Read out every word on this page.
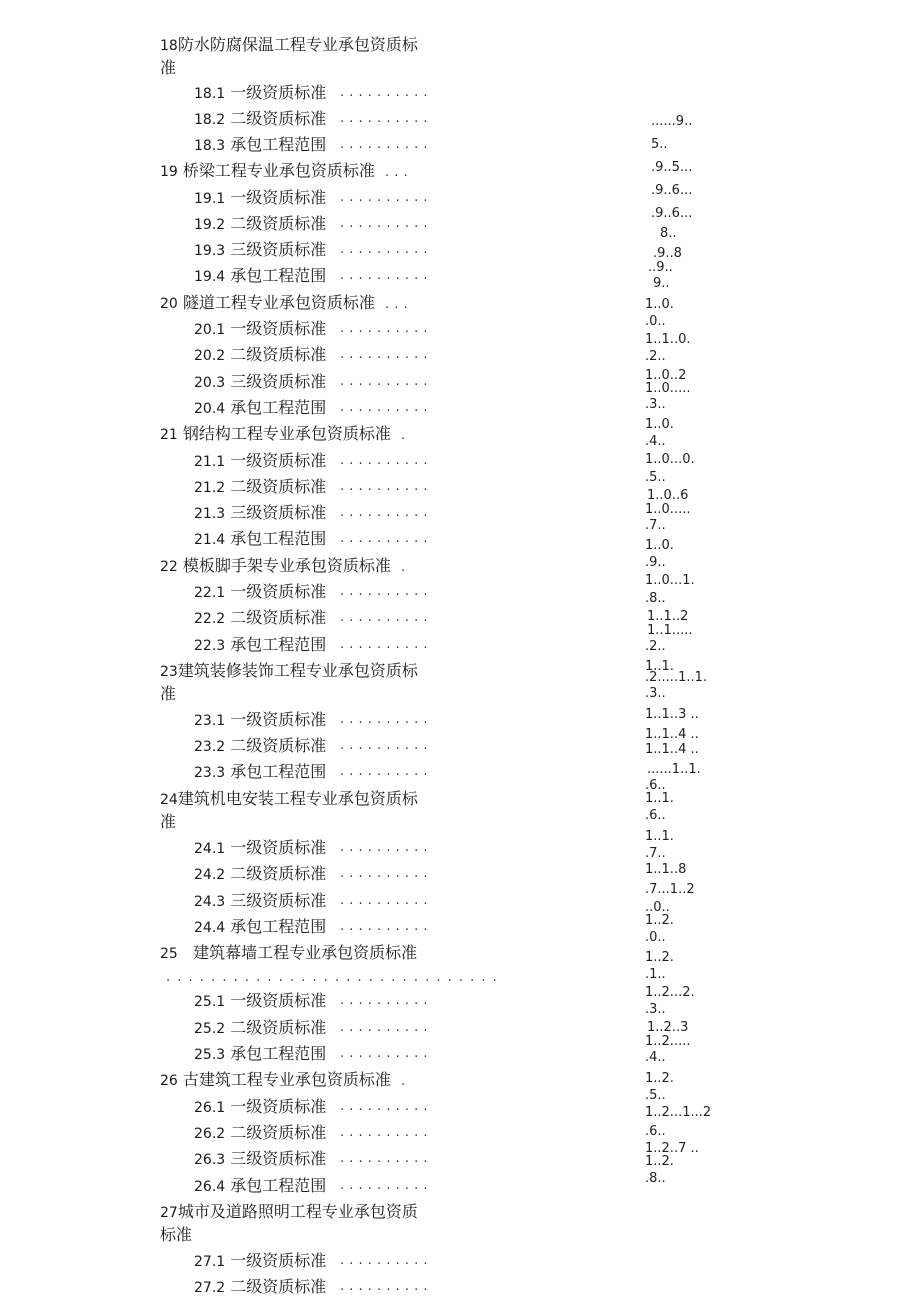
18防水防腐保温工程专业承包资质标准
18.1 一级资质标准 . . . . . . . . . .
18.2 二级资质标准 . . . . . . . . . .
18.3 承包工程范围 . . . . . . . . . .
19 桥梁工程专业承包资质标准 . . .
19.1 一级资质标准 . . . . . . . . . .
19.2 二级资质标准 . . . . . . . . . .
19.3 三级资质标准 . . . . . . . . . .
19.4 承包工程范围 . . . . . . . . . .
20 隧道工程专业承包资质标准 . . .
20.1 一级资质标准 . . . . . . . . . .
20.2 二级资质标准 . . . . . . . . . .
20.3 三级资质标准 . . . . . . . . . .
20.4 承包工程范围 . . . . . . . . . .
21 钢结构工程专业承包资质标准 .
21.1 一级资质标准 . . . . . . . . . .
21.2 二级资质标准 . . . . . . . . . .
21.3 三级资质标准 . . . . . . . . . .
21.4 承包工程范围 . . . . . . . . . .
22 模板脚手架专业承包资质标准 .
22.1 一级资质标准 . . . . . . . . . .
22.2 二级资质标准 . . . . . . . . . .
22.3 承包工程范围 . . . . . . . . . .
23建筑装修装饰工程专业承包资质标准
23.1 一级资质标准 . . . . . . . . . .
23.2 二级资质标准 . . . . . . . . . .
23.3 承包工程范围 . . . . . . . . . .
24建筑机电安装工程专业承包资质标准
24.1 一级资质标准 . . . . . . . . . .
24.2 二级资质标准 . . . . . . . . . .
24.3 三级资质标准 . . . . . . . . . .
24.4 承包工程范围 . . . . . . . . . .
25 建筑幕墙工程专业承包资质标准
. . . . . . . . . . . . . . . . . . . . . . . . . . . . . .
25.1 一级资质标准 . . . . . . . . . .
25.2 二级资质标准 . . . . . . . . . .
25.3 承包工程范围 . . . . . . . . . .
26 古建筑工程专业承包资质标准 .
26.1 一级资质标准 . . . . . . . . . .
26.2 二级资质标准 . . . . . . . . . .
26.3 三级资质标准 . . . . . . . . . .
26.4 承包工程范围 . . . . . . . . . .
27城市及道路照明工程专业承包资质标准
27.1 一级资质标准 . . . . . . . . . .
27.2 二级资质标准 . . . . . . . . . .
......9..
5..
.9..5...
.9..6...
.9..6...
8..
.9..8
..9..
9..
1..0.
.0..
1..1..0.
.2..
1..0..2
1..0.....
.3..
1..0.
.4..
1..0...0.
.5..
1..0..6
1..0.....
.7..
1..0.
.9..
1..0...1.
.8..
1..1..2
1..1.....
.2..
1..1.
.2.....1..1.
.3..
1..1..3 ..
1..1..4 ..
1..1..4 ..
......1..1.
.6..
1..1.
.6..
1..1.
.7..
1..1..8
.7...1..2
..0..
1..2.
.0..
1..2.
.1..
1..2...2.
.3..
1..2..3
1..2.....
.4..
1..2.
.5..
1..2...1...2
.6..
1..2..7 ..
1..2.
.8..
